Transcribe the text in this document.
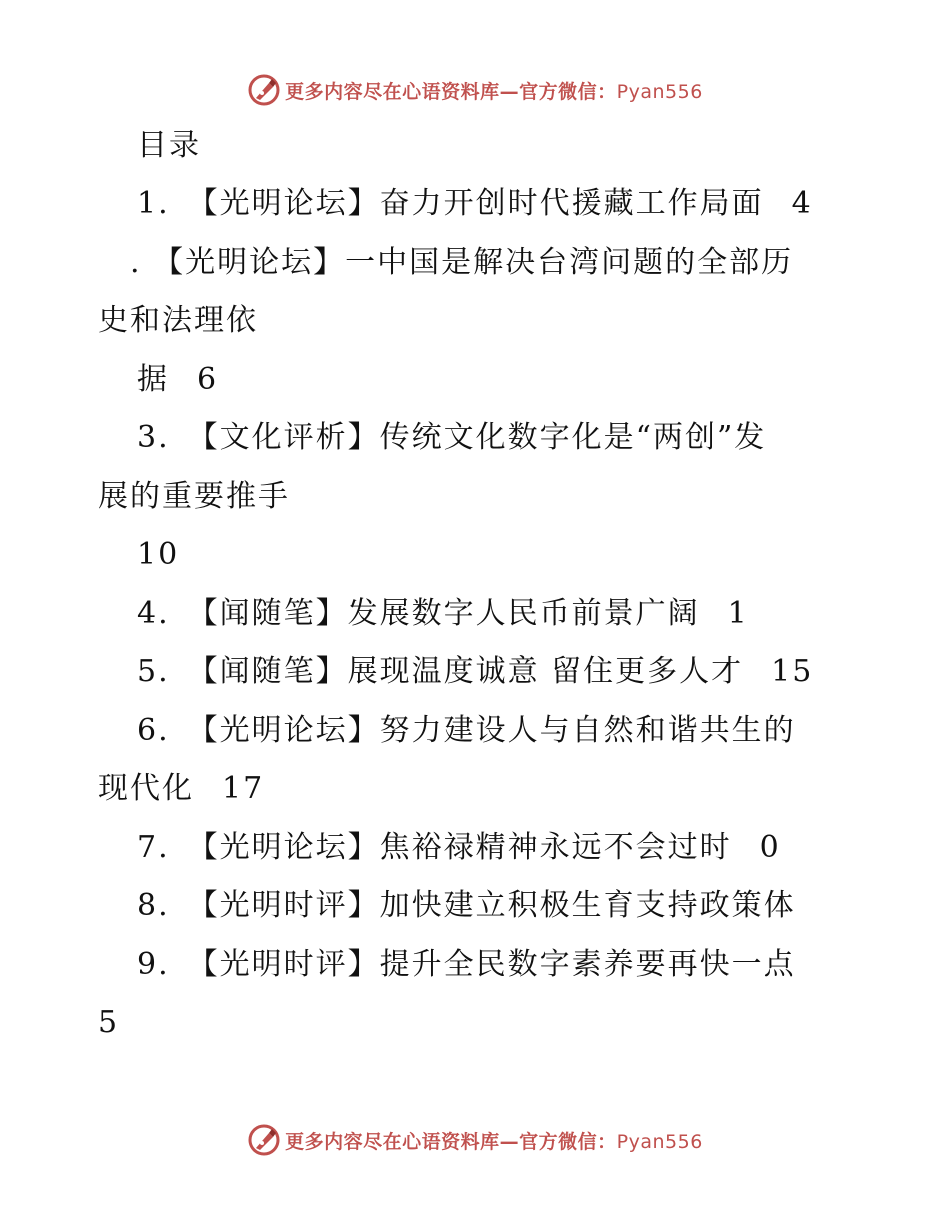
更多内容尽在心语资料库—官方微信：Pyan556
目录
1. 【光明论坛】奋力开创时代援藏工作局面 4
. 【光明论坛】一中国是解决台湾问题的全部历
史和法理依
据 6
3. 【文化评析】传统文化数字化是“两创”发
展的重要推手
10
4. 【闻随笔】发展数字人民币前景广阔 1
5. 【闻随笔】展现温度诚意 留住更多人才 15
6. 【光明论坛】努力建设人与自然和谐共生的
现代化 17
7. 【光明论坛】焦裕禄精神永远不会过时 0
8. 【光明时评】加快建立积极生育支持政策体
9. 【光明时评】提升全民数字素养要再快一点
5
更多内容尽在心语资料库—官方微信：Pyan556
